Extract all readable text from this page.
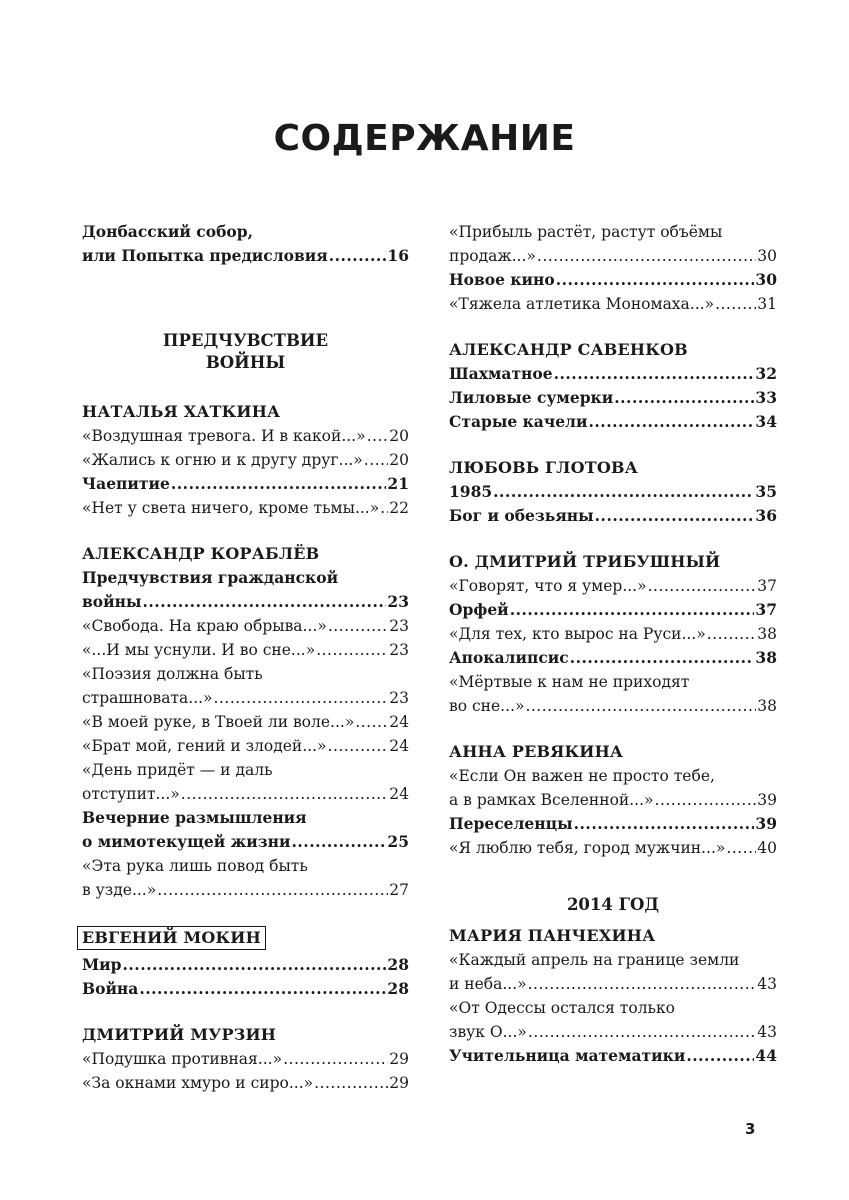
СОДЕРЖАНИЕ
Донбасский собор,
или Попытка предисловия .....	16

ПРЕДЧУВСТВИЕ
ВОЙНЫ

НАТАЛЬЯ ХАТКИНА

«Воздушная тревога. И в какой...» ..... 20
«Жались к огню и к другу друг...» ..... 20
Чаепитие .....	21
«Нет у света ничего, кроме тьмы...» ..... 22

АЛЕКСАНДР КОРАБЛЁВ

Предчувствия гражданской
войны .....	23
«Свобода. На краю обрыва...» .....	23
«...И мы уснули. И во сне...» .....	23
«Поэзия должна быть
страшновата...» .....	23
«В моей руке, в Твоей ли воле...» ..... 24
«Брат мой, гений и злодей...» .....	24
«День придёт — и даль
отступит...» .....	24
Вечерние размышления
о мимотекущей жизни .....	25
«Эта рука лишь повод быть
в узде...» .....	27

ЕВГЕНИЙ МОКИН

Мир .....	28
Война .....	28

ДМИТРИЙ МУРЗИН

«Подушка противная...» .....	29
«За окнами хмуро и сиро...» .....	29
«Прибыль растёт, растут объёмы
продаж...» .....	30
Новое кино .....	30
«Тяжела атлетика Мономаха...» .....	31

АЛЕКСАНДР САВЕНКОВ

Шахматное .....	32
Лиловые сумерки .....	33
Старые качели .....	34

ЛЮБОВЬ ГЛОТОВА

1985 .....	35
Бог и обезьяны .....	36

О. ДМИТРИЙ ТРИБУШНЫЙ

«Говорят, что я умер...» .....	37
Орфей .....	37
«Для тех, кто вырос на Руси...» .....	38
Апокалипсис .....	38
«Мёртвые к нам не приходят
во сне...» .....	38

АННА РЕВЯКИНА

«Если Он важен не просто тебе,
а в рамках Вселенной...» .....	39
Переселенцы .....	39
«Я люблю тебя, город мужчин...» ..... 40

2014 ГОД

МАРИЯ ПАНЧЕХИНА

«Каждый апрель на границе земли
и неба...» .....	43
«От Одессы остался только
звук О...» .....	43
Учительница математики .....	44
3
